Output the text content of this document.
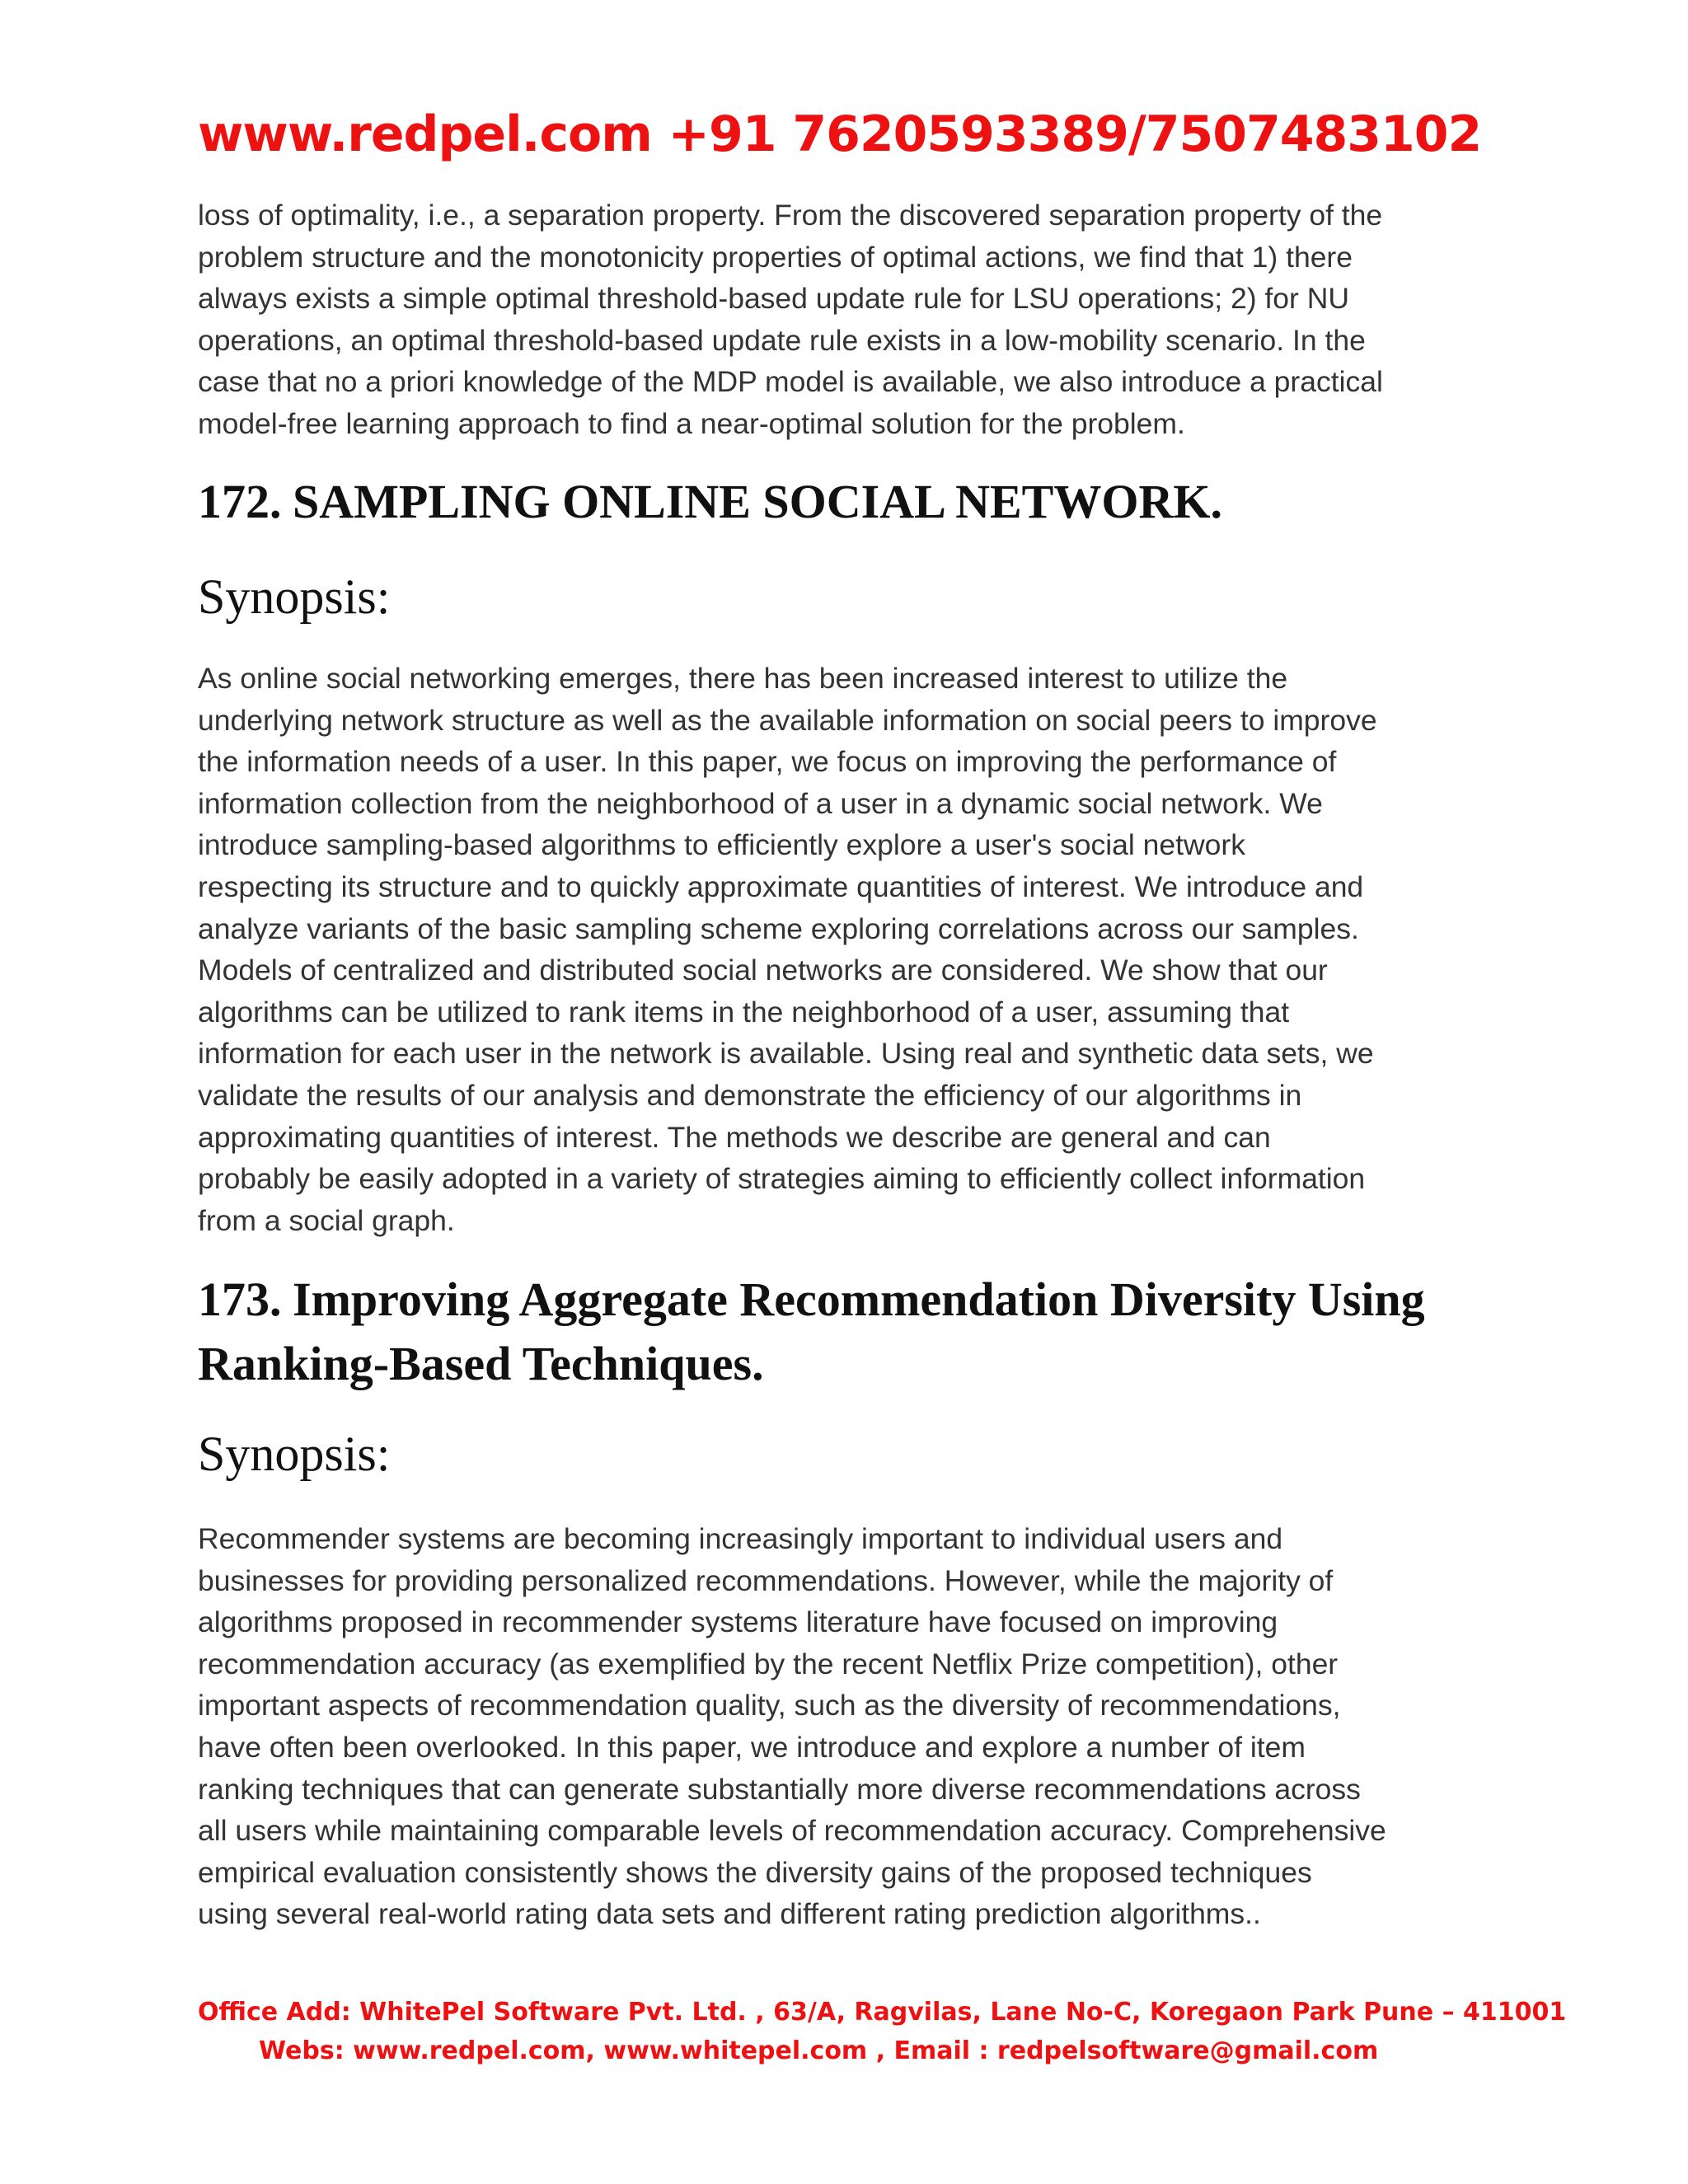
www.redpel.com +91 7620593389/7507483102

loss of optimality, i.e., a separation property. From the discovered separation property of the
problem structure and the monotonicity properties of optimal actions, we find that 1) there
always exists a simple optimal threshold-based update rule for LSU operations; 2) for NU
operations, an optimal threshold-based update rule exists in a low-mobility scenario. In the
case that no a priori knowledge of the MDP model is available, we also introduce a practical
model-free learning approach to find a near-optimal solution for the problem.

172. SAMPLING ONLINE SOCIAL NETWORK.
Synopsis:

As online social networking emerges, there has been increased interest to utilize the
underlying network structure as well as the available information on social peers to improve
the information needs of a user. In this paper, we focus on improving the performance of
information collection from the neighborhood of a user in a dynamic social network. We
introduce sampling-based algorithms to efficiently explore a user's social network
respecting its structure and to quickly approximate quantities of interest. We introduce and
analyze variants of the basic sampling scheme exploring correlations across our samples.
Models of centralized and distributed social networks are considered. We show that our
algorithms can be utilized to rank items in the neighborhood of a user, assuming that
information for each user in the network is available. Using real and synthetic data sets, we
validate the results of our analysis and demonstrate the efficiency of our algorithms in
approximating quantities of interest. The methods we describe are general and can
probably be easily adopted in a variety of strategies aiming to efficiently collect information
from a social graph.

173. Improving Aggregate Recommendation Diversity Using
Ranking-Based Techniques.
Synopsis:

Recommender systems are becoming increasingly important to individual users and
businesses for providing personalized recommendations. However, while the majority of
algorithms proposed in recommender systems literature have focused on improving
recommendation accuracy (as exemplified by the recent Netflix Prize competition), other
important aspects of recommendation quality, such as the diversity of recommendations,
have often been overlooked. In this paper, we introduce and explore a number of item
ranking techniques that can generate substantially more diverse recommendations across
all users while maintaining comparable levels of recommendation accuracy. Comprehensive
empirical evaluation consistently shows the diversity gains of the proposed techniques
using several real-world rating data sets and different rating prediction algorithms..

Office Add: WhitePel Software Pvt. Ltd. , 63/A, Ragvilas, Lane No-C, Koregaon Park Pune – 411001
Webs: www.redpel.com, www.whitepel.com , Email : redpelsoftware@gmail.com
